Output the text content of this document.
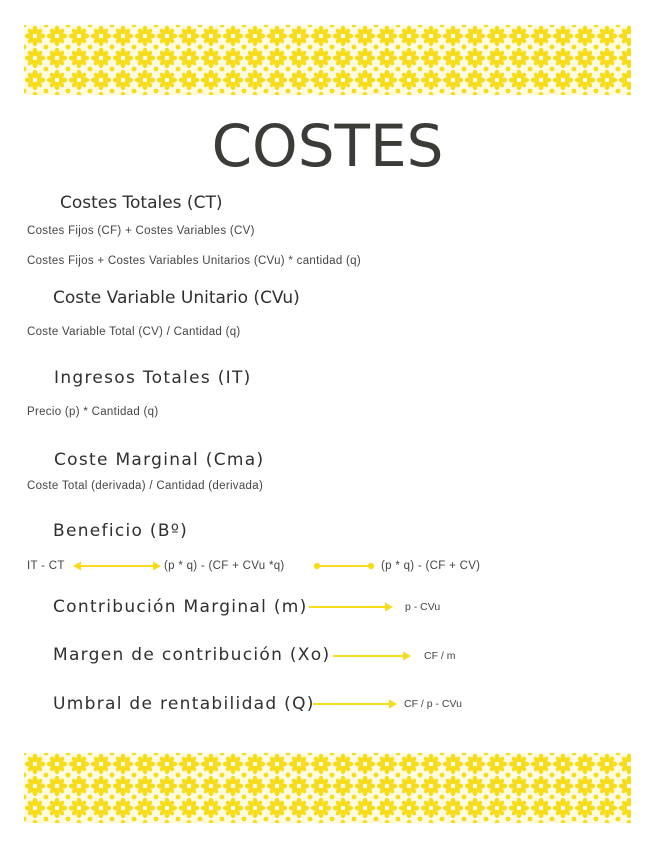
COSTES
Costes Totales (CT)
Costes Fijos (CF) + Costes Variables (CV)
Costes Fijos + Costes Variables Unitarios (CVu) * cantidad (q)
Coste Variable Unitario (CVu)
Coste Variable Total (CV) / Cantidad (q)
Ingresos Totales (IT)
Precio (p) * Cantidad (q)
Coste Marginal (Cma)
Coste Total (derivada) / Cantidad (derivada)
Beneficio (Bº)
IT - CT	(p * q) - (CF + CVu *q)	(p * q) - (CF + CV)
Contribución Marginal (m)	p - CVu
Margen de contribución (Xo)	CF / m
Umbral de rentabilidad (Q)	CF / p - CVu
